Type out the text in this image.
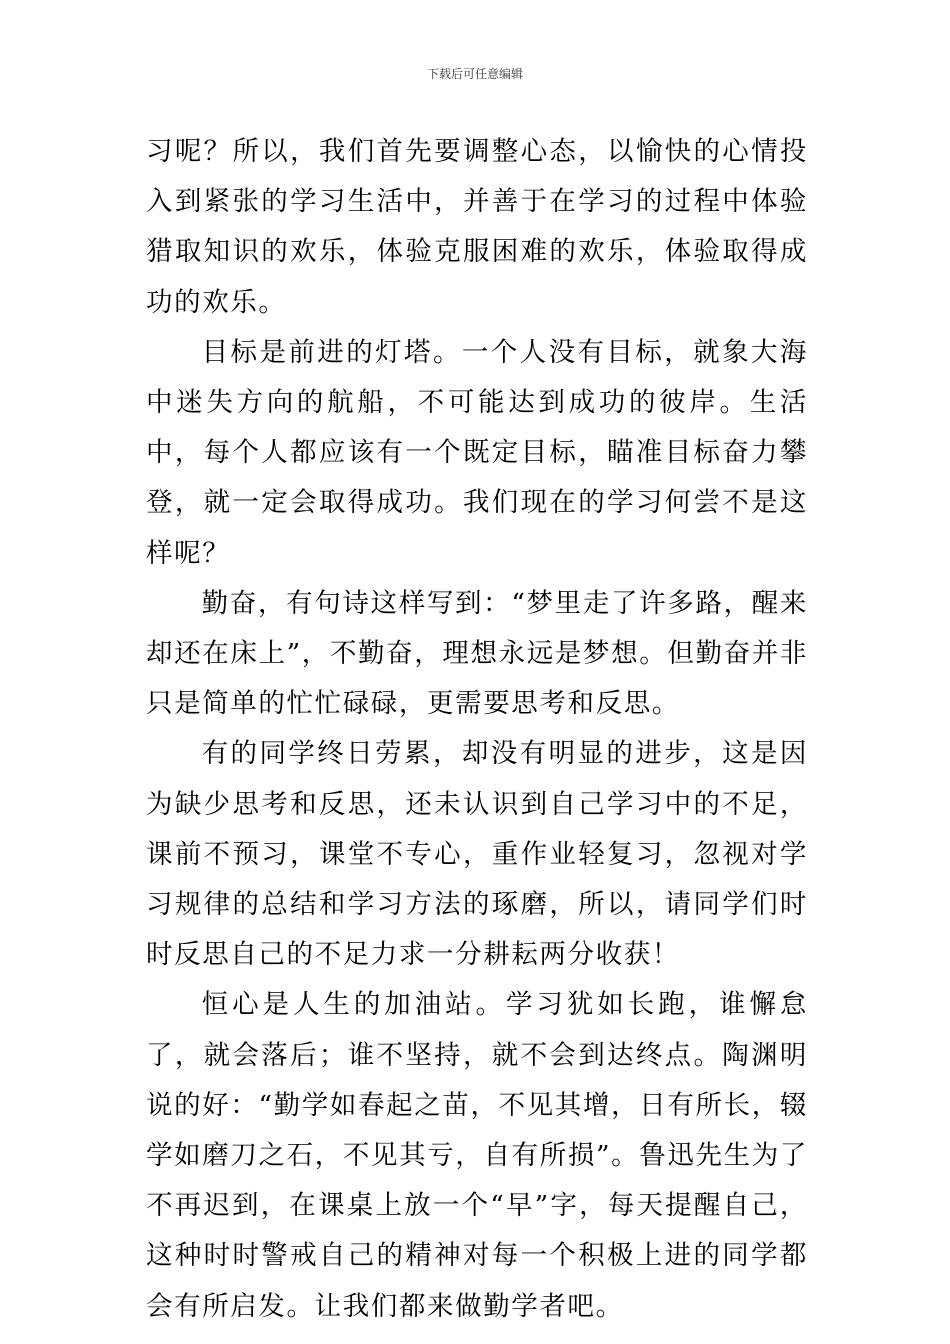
下载后可任意编辑

习呢？所以，我们首先要调整心态，以愉快的心情投入到紧张的学习生活中，并善于在学习的过程中体验猎取知识的欢乐，体验克服困难的欢乐，体验取得成功的欢乐。

目标是前进的灯塔。一个人没有目标，就象大海中迷失方向的航船，不可能达到成功的彼岸。生活中，每个人都应该有一个既定目标，瞄准目标奋力攀登，就一定会取得成功。我们现在的学习何尝不是这样呢？

勤奋，有句诗这样写到：“梦里走了许多路，醒来却还在床上”，不勤奋，理想永远是梦想。但勤奋并非只是简单的忙忙碌碌，更需要思考和反思。

有的同学终日劳累，却没有明显的进步，这是因为缺少思考和反思，还未认识到自己学习中的不足，课前不预习，课堂不专心，重作业轻复习，忽视对学习规律的总结和学习方法的琢磨，所以，请同学们时时反思自己的不足力求一分耕耘两分收获！

恒心是人生的加油站。学习犹如长跑，谁懈怠了，就会落后；谁不坚持，就不会到达终点。陶渊明说的好：“勤学如春起之苗，不见其增，日有所长，辍学如磨刀之石，不见其亏，自有所损”。鲁迅先生为了不再迟到，在课桌上放一个“早”字，每天提醒自己，这种时时警戒自己的精神对每一个积极上进的同学都会有所启发。让我们都来做勤学者吧。
